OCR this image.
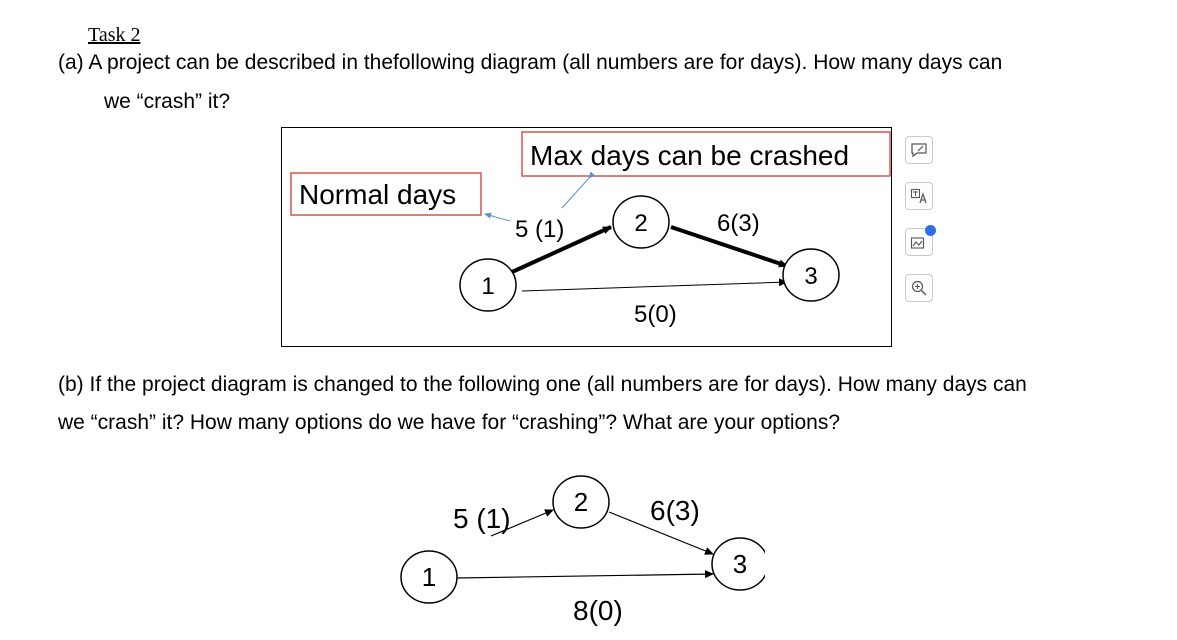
Task 2
(a) A project can be described in thefollowing diagram (all numbers are for days). How many days can
we “crash” it?
Max days can be crashed
Normal days
1
2
3
5 (1)	6(3)
5(0)
(b) If the project diagram is changed to the following one (all numbers are for days). How many days can
we “crash” it? How many options do we have for “crashing”? What are your options?
1
2
3
5 (1)	6(3)
8(0)
